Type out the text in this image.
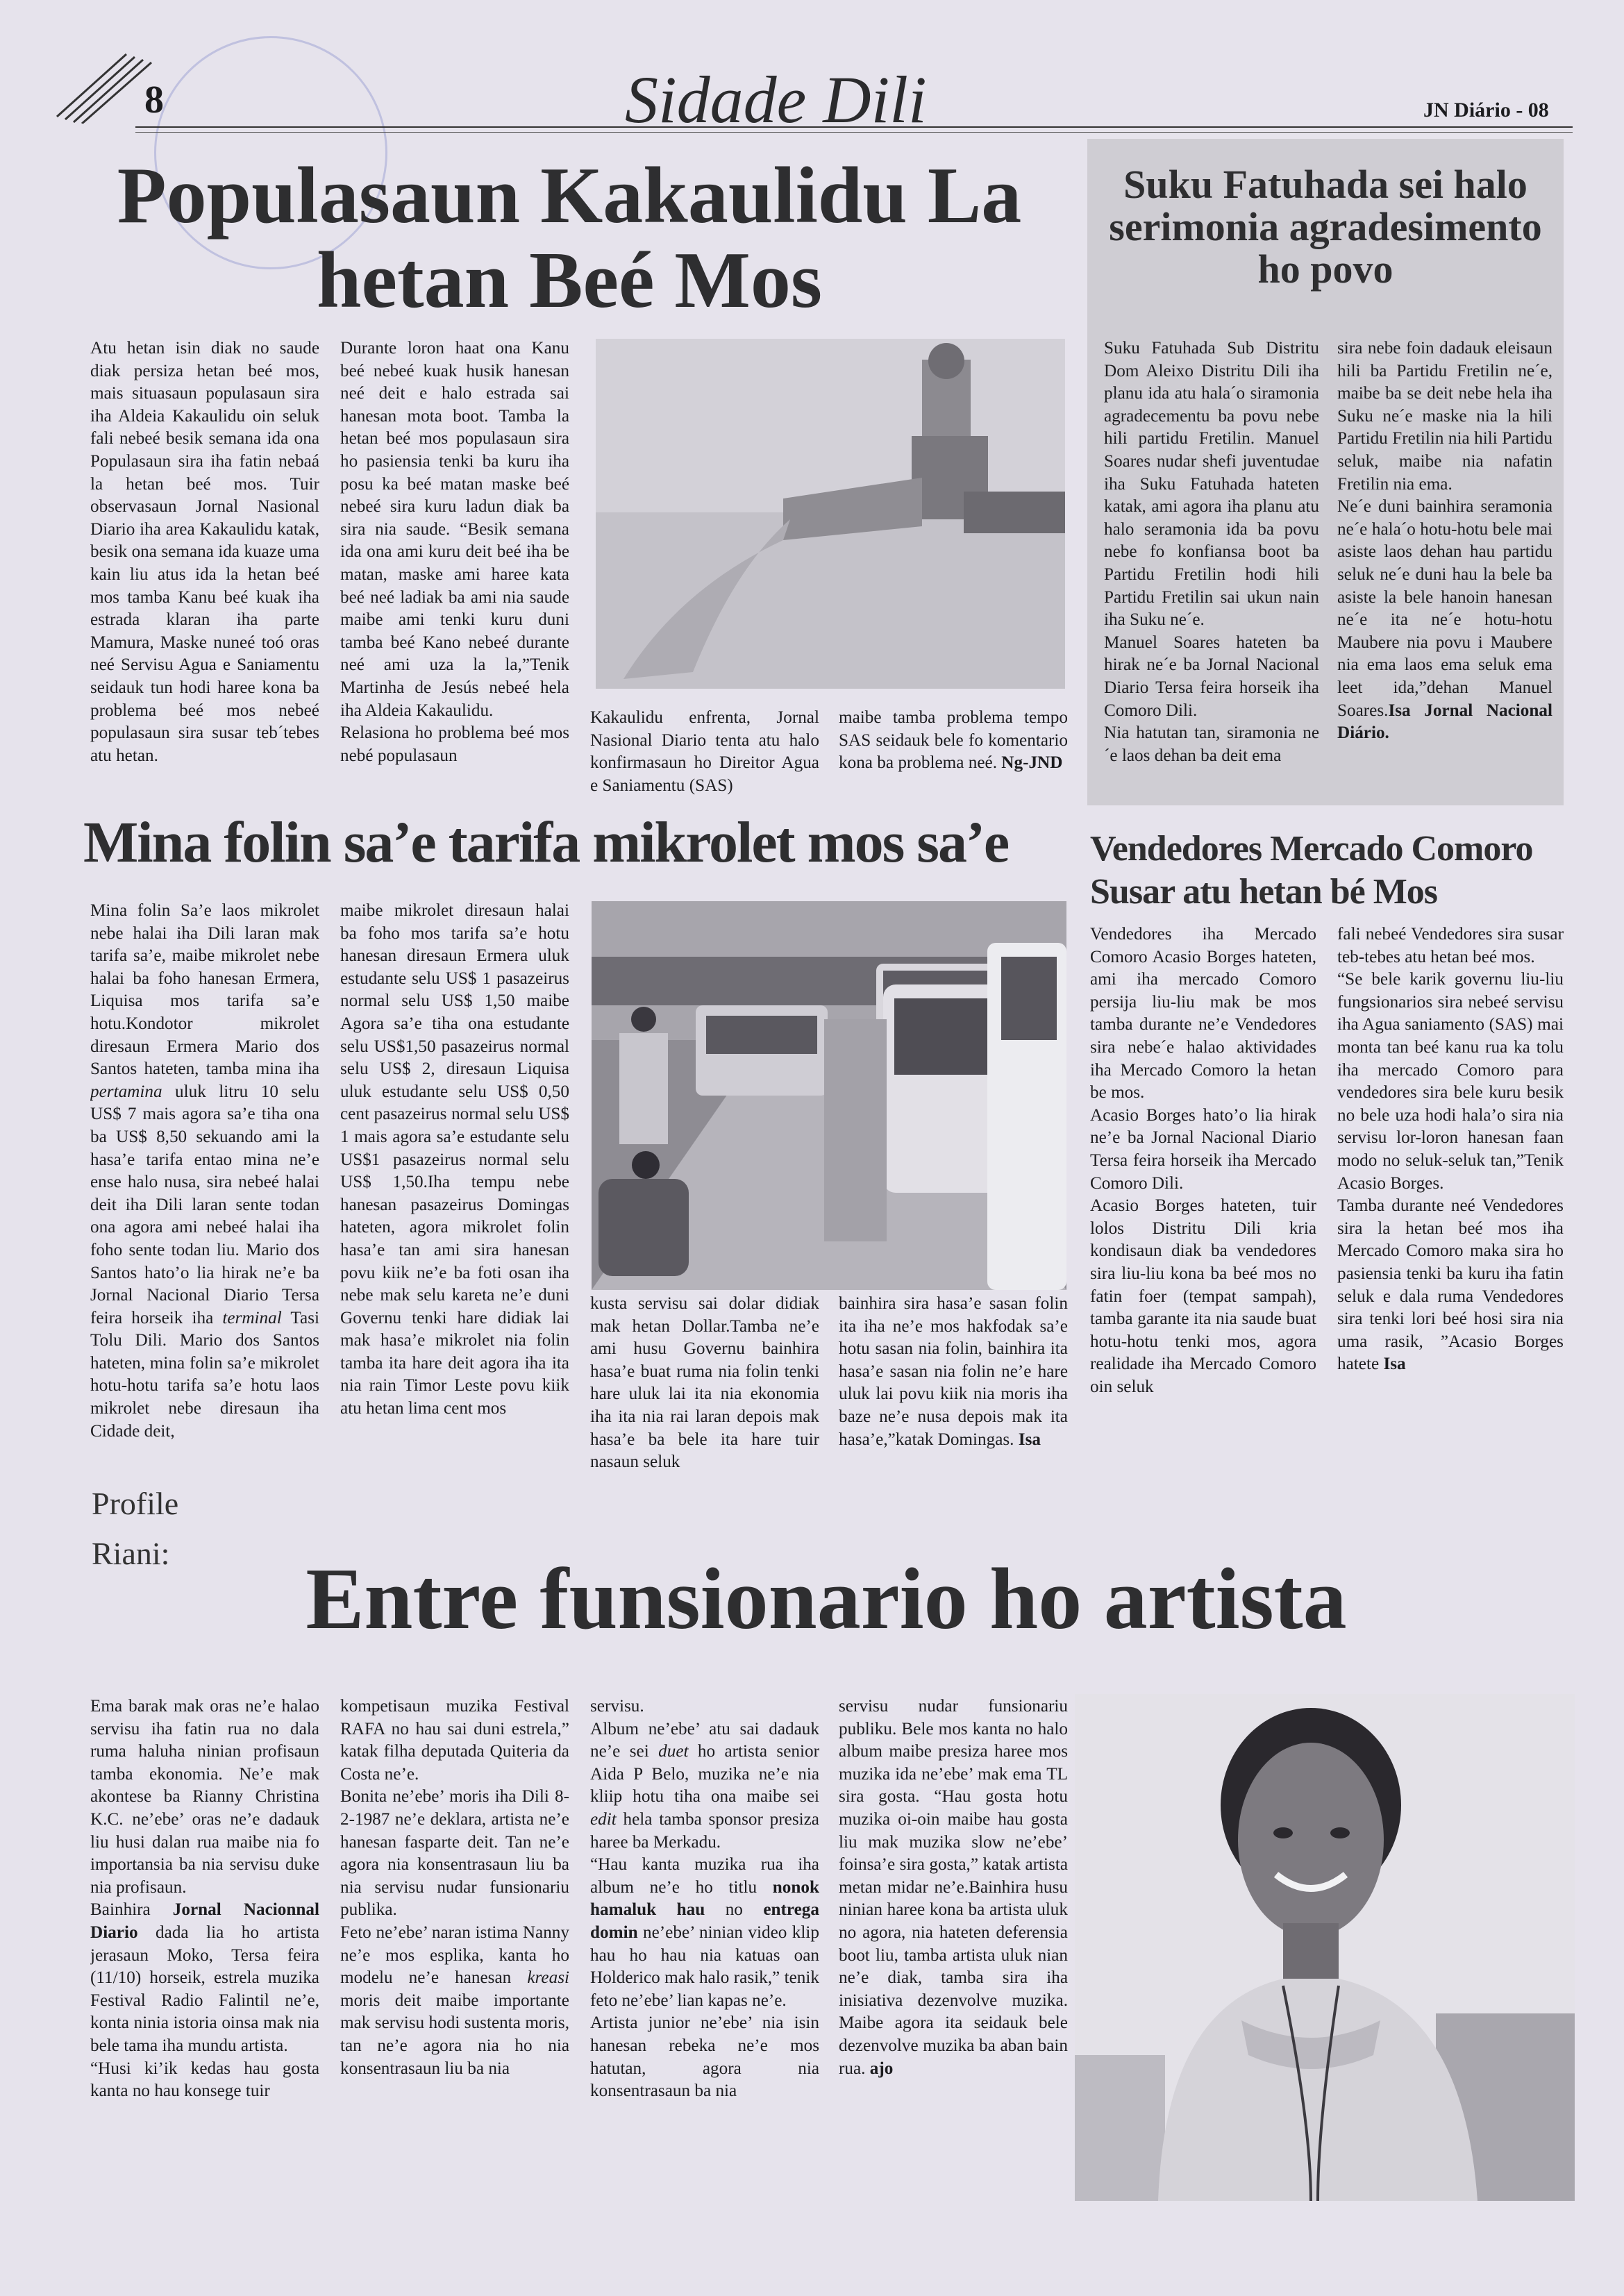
8	Sidade Dili	JN Diário - 08
Populasaun Kakaulidu La
hetan Beé Mos

Atu hetan isin diak no saude diak persiza hetan beé mos, mais situasaun populasaun sira iha Aldeia Kakaulidu oin seluk fali nebeé besik semana ida ona Populasaun sira iha fatin nebaá la hetan beé mos. Tuir observasaun Jornal Nasional Diario iha area Kakaulidu katak, besik ona semana ida kuaze uma kain liu atus ida la hetan beé mos tamba Kanu beé kuak iha estrada klaran iha parte Mamura, Maske nuneé toó oras neé Servisu Agua e Saniamentu seidauk tun hodi haree kona ba problema beé mos nebeé populasaun sira susar teb´tebes atu hetan.

Durante loron haat ona Kanu beé nebeé kuak husik hanesan neé deit e halo estrada sai hanesan mota boot. Tamba la hetan beé mos populasaun sira ho pasiensia tenki ba kuru iha posu ka beé matan maske beé nebeé sira kuru ladun diak ba sira nia saude. “Besik semana ida ona ami kuru deit beé iha be matan, maske ami haree kata beé neé ladiak ba ami nia saude maibe ami tenki kuru duni tamba beé Kano nebeé durante neé ami uza la la,”Tenik Martinha de Jesús nebeé hela iha Aldeia Kakaulidu.

Relasiona ho problema beé mos nebé populasaun

Kakaulidu enfrenta, Jornal Nasional Diario tenta atu halo konfirmasaun ho Direitor Agua e Saniamentu (SAS)

maibe tamba problema tempo SAS seidauk bele fo komentario kona ba problema neé. Ng-JND

Suku Fatuhada sei halo serimonia agradesimento ho povo

Suku Fatuhada Sub Distritu Dom Aleixo Distritu Dili iha planu ida atu hala´o siramonia agradecementu ba povu nebe hili partidu Fretilin. Manuel Soares nudar shefi juventudae iha Suku Fatuhada hateten katak, ami agora iha planu atu halo seramonia ida ba povu nebe fo konfiansa boot ba Partidu Fretilin hodi hili Partidu Fretilin sai ukun nain iha Suku ne´e.

Manuel Soares hateten ba hirak ne´e ba Jornal Nacional Diario Tersa feira horseik iha Comoro Dili.

Nia hatutan tan, siramonia ne´e laos dehan ba deit ema

sira nebe foin dadauk eleisaun hili ba Partidu Fretilin ne´e, maibe ba se deit nebe hela iha Suku ne´e maske nia la hili Partidu Fretilin nia hili Partidu seluk, maibe nia nafatin Fretilin nia ema.

Ne´e duni bainhira seramonia ne´e hala´o hotu-hotu bele mai asiste laos dehan hau partidu seluk ne´e duni hau la bele ba asiste la bele hanoin hanesan ne´e ita ne´e hotu-hotu Maubere nia povu i Maubere nia ema laos ema seluk ema leet ida,”dehan Manuel Soares.Isa Jornal Nacional Diário.

Mina folin sa’e tarifa mikrolet mos sa’e

Mina folin Sa’e laos mikrolet nebe halai iha Dili laran mak tarifa sa’e, maibe mikrolet nebe halai ba foho hanesan Ermera, Liquisa mos tarifa sa’e hotu.Kondotor mikrolet diresaun Ermera Mario dos Santos hateten, tamba mina iha pertamina uluk litru 10 selu US$ 7 mais agora sa’e tiha ona ba US$ 8,50 sekuando ami la hasa’e tarifa entao mina ne’e ense halo nusa, sira nebeé halai deit iha Dili laran sente todan ona agora ami nebeé halai iha foho sente todan liu. Mario dos Santos hato’o lia hirak ne’e ba Jornal Nacional Diario Tersa feira horseik iha terminal Tasi Tolu Dili. Mario dos Santos hateten, mina folin sa’e mikrolet hotu-hotu tarifa sa’e hotu laos mikrolet nebe diresaun iha Cidade deit,

maibe mikrolet diresaun halai ba foho mos tarifa sa’e hotu hanesan diresaun Ermera uluk estudante selu US$ 1 pasazeirus normal selu US$ 1,50 maibe Agora sa’e tiha ona estudante selu US$1,50 pasazeirus normal selu US$ 2, diresaun Liquisa uluk estudante selu US$ 0,50 cent pasazeirus normal selu US$ 1 mais agora sa’e estudante selu US$1 pasazeirus normal selu US$ 1,50.Iha tempu nebe hanesan pasazeirus Domingas hateten, agora mikrolet folin hasa’e tan ami sira hanesan povu kiik ne’e ba foti osan iha nebe mak selu kareta ne’e duni Governu tenki hare didiak lai mak hasa’e mikrolet nia folin tamba ita hare deit agora iha ita nia rain Timor Leste povu kiik atu hetan lima cent mos

kusta servisu sai dolar didiak mak hetan Dollar.Tamba ne’e ami husu Governu bainhira hasa’e buat ruma nia folin tenki hare uluk lai ita nia ekonomia iha ita nia rai laran depois mak hasa’e ba bele ita hare tuir nasaun seluk

bainhira sira hasa’e sasan folin ita iha ne’e mos hakfodak sa’e hotu sasan nia folin, bainhira ita hasa’e sasan nia folin ne’e hare uluk lai povu kiik nia moris iha baze ne’e nusa depois mak ita hasa’e,”katak Domingas. Isa

Vendedores Mercado Comoro
Susar atu hetan bé Mos

Vendedores iha Mercado Comoro Acasio Borges hateten, ami iha mercado Comoro persija liu-liu mak be mos tamba durante ne’e Vendedores sira nebe´e halao aktividades iha Mercado Comoro la hetan be mos.

Acasio Borges hato’o lia hirak ne’e ba Jornal Nacional Diario Tersa feira horseik iha Mercado Comoro Dili.

Acasio Borges hateten, tuir lolos Distritu Dili kria kondisaun diak ba vendedores sira liu-liu kona ba beé mos no fatin foer (tempat sampah), tamba garante ita nia saude buat hotu-hotu tenki mos, agora realidade iha Mercado Comoro oin seluk

fali nebeé Vendedores sira susar teb-tebes atu hetan beé mos.

“Se bele karik governu liu-liu fungsionarios sira nebeé servisu iha Agua saniamento (SAS) mai monta tan beé kanu rua ka tolu iha mercado Comoro para vendedores sira bele kuru besik no bele uza hodi hala’o sira nia servisu lor-loron hanesan faan modo no seluk-seluk tan,”Tenik Acasio Borges.

Tamba durante neé Vendedores sira la hetan beé mos iha Mercado Comoro maka sira ho pasiensia tenki ba kuru iha fatin seluk e dala ruma Vendedores sira tenki lori beé hosi sira nia uma rasik, ”Acasio Borges hatete Isa

Profile
Riani:	Entre funsionario ho artista

Ema barak mak oras ne’e halao servisu iha fatin rua no dala ruma haluha ninian profisaun tamba ekonomia. Ne’e mak akontese ba Rianny Christina K.C. ne’ebe’ oras ne’e dadauk liu husi dalan rua maibe nia fo importansia ba nia servisu duke nia profisaun.

Bainhira Jornal Nacionnal Diario dada lia ho artista jerasaun Moko, Tersa feira (11/10) horseik, estrela muzika Festival Radio Falintil ne’e, konta ninia istoria oinsa mak nia bele tama iha mundu artista.

“Husi ki’ik kedas hau gosta kanta no hau konsege tuir

kompetisaun muzika Festival RAFA no hau sai duni estrela,” katak filha deputada Quiteria da Costa ne’e.

Bonita ne’ebe’ moris iha Dili 8-2-1987 ne’e deklara, artista ne’e hanesan fasparte deit. Tan ne’e agora nia konsentrasaun liu ba nia servisu nudar funsionariu publika.

Feto ne’ebe’ naran istima Nanny ne’e mos esplika, kanta ho modelu ne’e hanesan kreasi moris deit maibe importante mak servisu hodi sustenta moris, tan ne’e agora nia ho nia konsentrasaun liu ba nia

servisu.

Album ne’ebe’ atu sai dadauk ne’e sei duet ho artista senior Aida P Belo, muzika ne’e nia kliip hotu tiha ona maibe sei edit hela tamba sponsor presiza haree ba Merkadu.

“Hau kanta muzika rua iha album ne’e ho titlu nonok hamaluk hau no entrega domin ne’ebe’ ninian video klip hau ho hau nia katuas oan Holderico mak halo rasik,” tenik feto ne’ebe’ lian kapas ne’e.

Artista junior ne’ebe’ nia isin hanesan rebeka ne’e mos hatutan, agora nia konsentrasaun ba nia

servisu nudar funsionariu publiku. Bele mos kanta no halo album maibe presiza haree mos muzika ida ne’ebe’ mak ema TL sira gosta. “Hau gosta hotu muzika oi-oin maibe hau gosta liu mak muzika slow ne’ebe’ foinsa’e sira gosta,” katak artista metan midar ne’e.Bainhira husu ninian haree kona ba artista uluk no agora, nia hateten deferensia boot liu, tamba artista uluk nian ne’e diak, tamba sira iha inisiativa dezenvolve muzika. Maibe agora ita seidauk bele dezenvolve muzika ba aban bain rua. ajo
